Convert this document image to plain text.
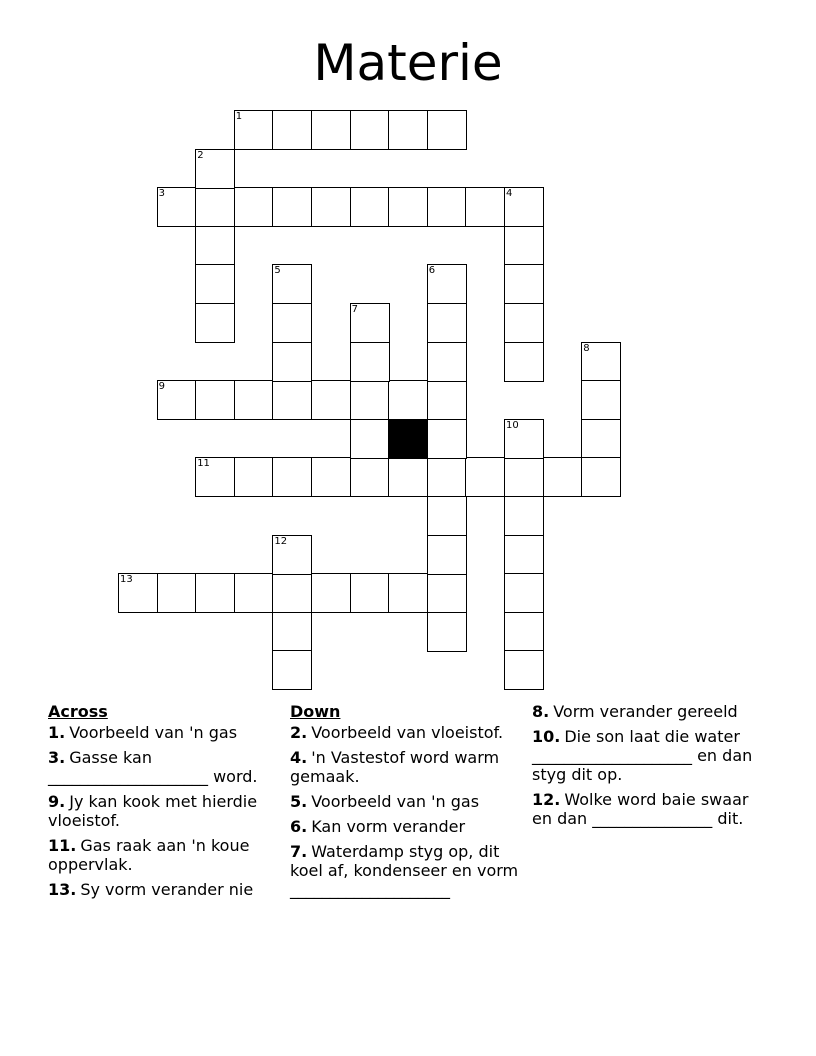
Materie
1
3	4
9
11
13
2
5	6
7
8
10
12
Across
1. Voorbeeld van 'n gas
3. Gasse kan ____________________ word.
9. Jy kan kook met hierdie vloeistof.
11. Gas raak aan 'n koue oppervlak.
13. Sy vorm verander nie
Down
2. Voorbeeld van vloeistof.
4. 'n Vastestof word warm gemaak.
5. Voorbeeld van 'n gas
6. Kan vorm verander
7. Waterdamp styg op, dit koel af, kondenseer en vorm ____________________
8. Vorm verander gereeld
10. Die son laat die water ____________________ en dan styg dit op.
12. Wolke word baie swaar en dan _______________ dit.
